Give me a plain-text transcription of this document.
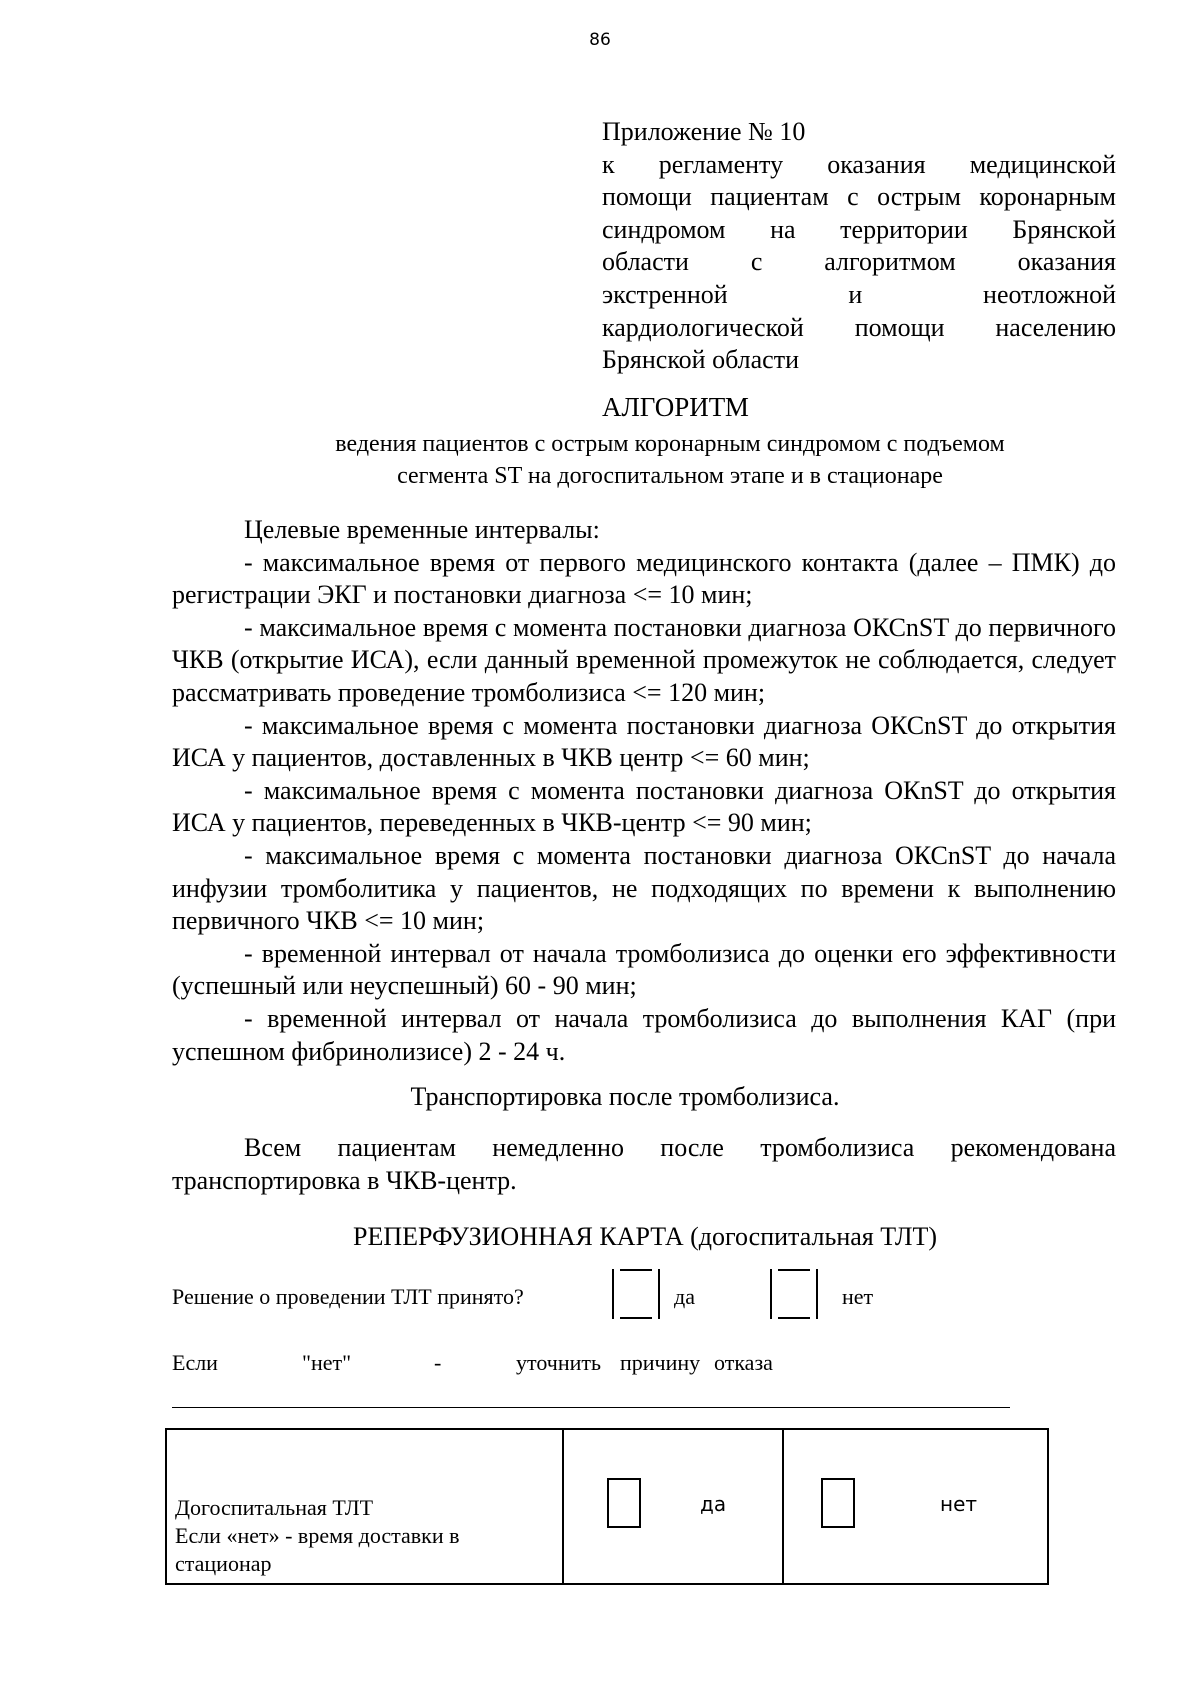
86
Приложение № 10
к регламенту оказания медицинской
помощи пациентам с острым коронарным
синдромом на территории Брянской
области с алгоритмом оказания
экстренной и неотложной
кардиологической помощи населению
Брянской области
АЛГОРИТМ
ведения пациентов с острым коронарным синдромом с подъемом
сегмента ST на догоспитальном этапе и в стационаре

Целевые временные интервалы:

- максимальное время от первого медицинского контакта (далее – ПМК) до регистрации ЭКГ и постановки диагноза <= 10 мин;

- максимальное время с момента постановки диагноза ОКСnST до первичного ЧКВ (открытие ИСА), если данный временной промежуток не соблюдается, следует рассматривать проведение тромболизиса <= 120 мин;

- максимальное время с момента постановки диагноза ОКСnST до открытия ИСА у пациентов, доставленных в ЧКВ центр <= 60 мин;

- максимальное время с момента постановки диагноза ОКnST до открытия ИСА у пациентов, переведенных в ЧКВ-центр <= 90 мин;

- максимальное время с момента постановки диагноза ОКСnST до начала инфузии тромболитика у пациентов, не подходящих по времени к выполнению первичного ЧКВ <= 10 мин;

- временной интервал от начала тромболизиса до оценки его эффективности (успешный или неуспешный) 60 - 90 мин;

- временной интервал от начала тромболизиса до выполнения КАГ (при успешном фибринолизисе) 2 - 24 ч.

Транспортировка после тромболизиса.

Всем пациентам немедленно после тромболизиса рекомендована транспортировка в ЧКВ-центр.

РЕПЕРФУЗИОННАЯ КАРТА (догоспитальная ТЛТ)
Решение о проведении ТЛТ принято?	да	нет
Если	"нет"	-	уточнить причину отказа
Догоспитальная ТЛТ
Если «нет» - время доставки в
стационар
да	нет
